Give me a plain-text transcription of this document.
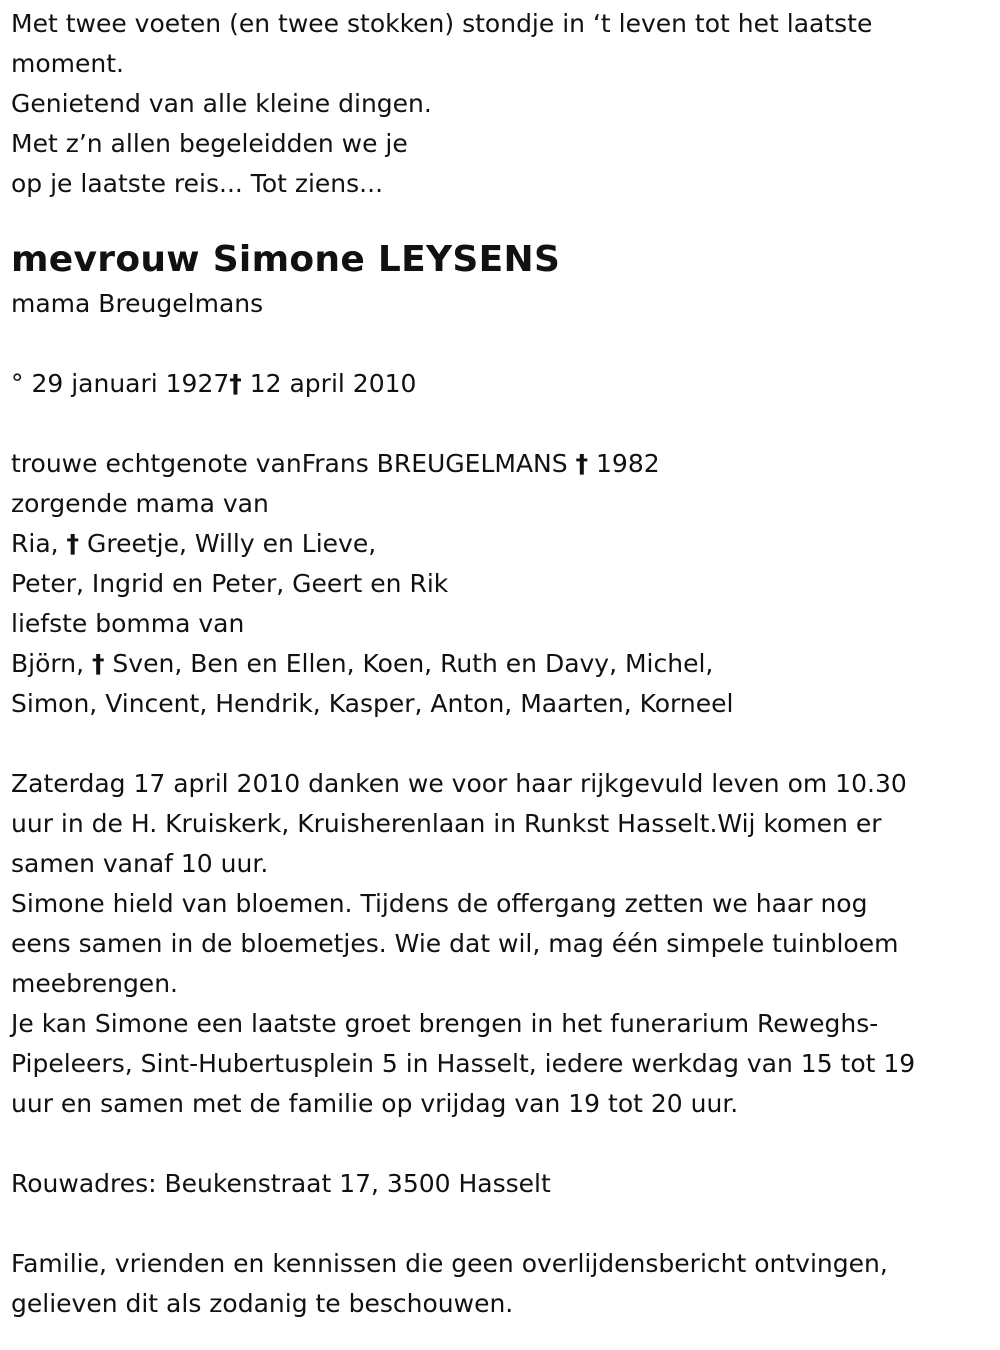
Met twee voeten (en twee stokken) stondje in ‘t leven tot het laatste
moment.
Genietend van alle kleine dingen.
Met z’n allen begeleidden we je
op je laatste reis... Tot ziens...
mevrouw Simone LEYSENS
mama Breugelmans
° 29 januari 1927† 12 april 2010
trouwe echtgenote vanFrans BREUGELMANS † 1982
zorgende mama van
Ria, † Greetje, Willy en Lieve,
Peter, Ingrid en Peter, Geert en Rik
liefste bomma van
Björn, † Sven, Ben en Ellen, Koen, Ruth en Davy, Michel,
Simon, Vincent, Hendrik, Kasper, Anton, Maarten, Korneel
Zaterdag 17 april 2010 danken we voor haar rijkgevuld leven om 10.30
uur in de H. Kruiskerk, Kruisherenlaan in Runkst Hasselt.Wij komen er
samen vanaf 10 uur.
Simone hield van bloemen. Tijdens de offergang zetten we haar nog
eens samen in de bloemetjes. Wie dat wil, mag één simpele tuinbloem
meebrengen.
Je kan Simone een laatste groet brengen in het funerarium Reweghs-
Pipeleers, Sint-Hubertusplein 5 in Hasselt, iedere werkdag van 15 tot 19
uur en samen met de familie op vrijdag van 19 tot 20 uur.
Rouwadres: Beukenstraat 17, 3500 Hasselt
Familie, vrienden en kennissen die geen overlijdensbericht ontvingen,
gelieven dit als zodanig te beschouwen.
